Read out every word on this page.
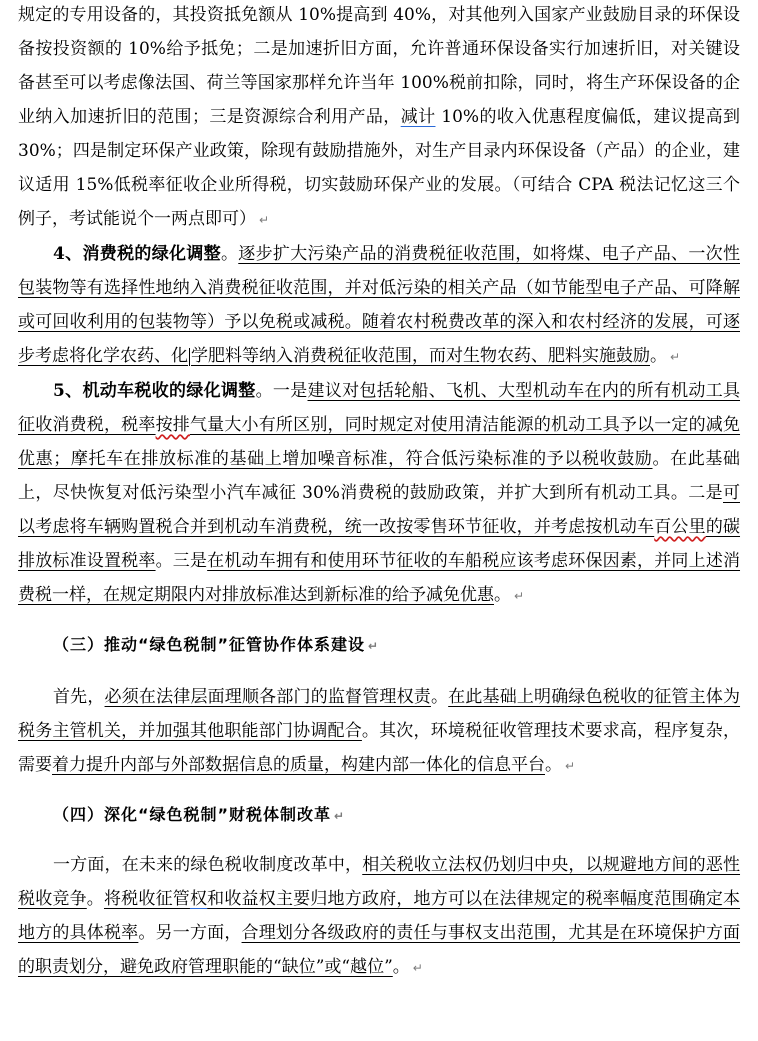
规定的专用设备的，其投资抵免额从 10%提高到 40%，对其他列入国家产业鼓励目录的环保设备按投资额的 10%给予抵免；二是加速折旧方面，允许普通环保设备实行加速折旧，对关键设备甚至可以考虑像法国、荷兰等国家那样允许当年 100%税前扣除，同时，将生产环保设备的企业纳入加速折旧的范围；三是资源综合利用产品，减计 10%的收入优惠程度偏低，建议提高到 30%；四是制定环保产业政策，除现有鼓励措施外，对生产目录内环保设备（产品）的企业，建议适用 15%低税率征收企业所得税，切实鼓励环保产业的发展。（可结合 CPA 税法记忆这三个例子，考试能说个一两点即可） ↵

4、消费税的绿化调整。逐步扩大污染产品的消费税征收范围，如将煤、电子产品、一次性包装物等有选择性地纳入消费税征收范围，并对低污染的相关产品（如节能型电子产品、可降解或可回收利用的包装物等）予以免税或减税。随着农村税费改革的深入和农村经济的发展，可逐步考虑将化学农药、化 学肥料等纳入消费税征收范围，而对生物农药、肥料实施鼓励。 ↵

5、机动车税收的绿化调整。一是建议对包括轮船、飞机、大型机动车在内的所有机动工具征收消费税，税率按排气量大小有所区别，同时规定对使用清洁能源的机动工具予以一定的减免优惠；摩托车在排放标准的基础上增加噪音标准，符合低污染标准的予以税收鼓励。在此基础上，尽快恢复对低污染型小汽车减征 30%消费税的鼓励政策，并扩大到所有机动工具。二是可以考虑将车辆购置税合并到机动车消费税，统一改按零售环节征收，并考虑按机动车百公里的碳排放标准设置税率。三是在机动车拥有和使用环节征收的车船税应该考虑环保因素，并同上述消费税一样，在规定期限内对排放标准达到新标准的给予减免优惠。 ↵

（三）推动“绿色税制”征管协作体系建设 ↵

首先，必须在法律层面理顺各部门的监督管理权责。在此基础上明确绿色税收的征管主体为税务主管机关，并加强其他职能部门协调配合。其次，环境税征收管理技术要求高，程序复杂，需要着力提升内部与外部数据信息的质量，构建内部一体化的信息平台。 ↵

（四）深化“绿色税制”财税体制改革 ↵

一方面，在未来的绿色税收制度改革中，相关税收立法权仍划归中央，以规避地方间的恶性税收竞争。将税收征管权和收益权主要归地方政府，地方可以在法律规定的税率幅度范围确定本地方的具体税率。另一方面，合理划分各级政府的责任与事权支出范围，尤其是在环境保护方面的职责划分，避免政府管理职能的“缺位”或“越位”。 ↵
